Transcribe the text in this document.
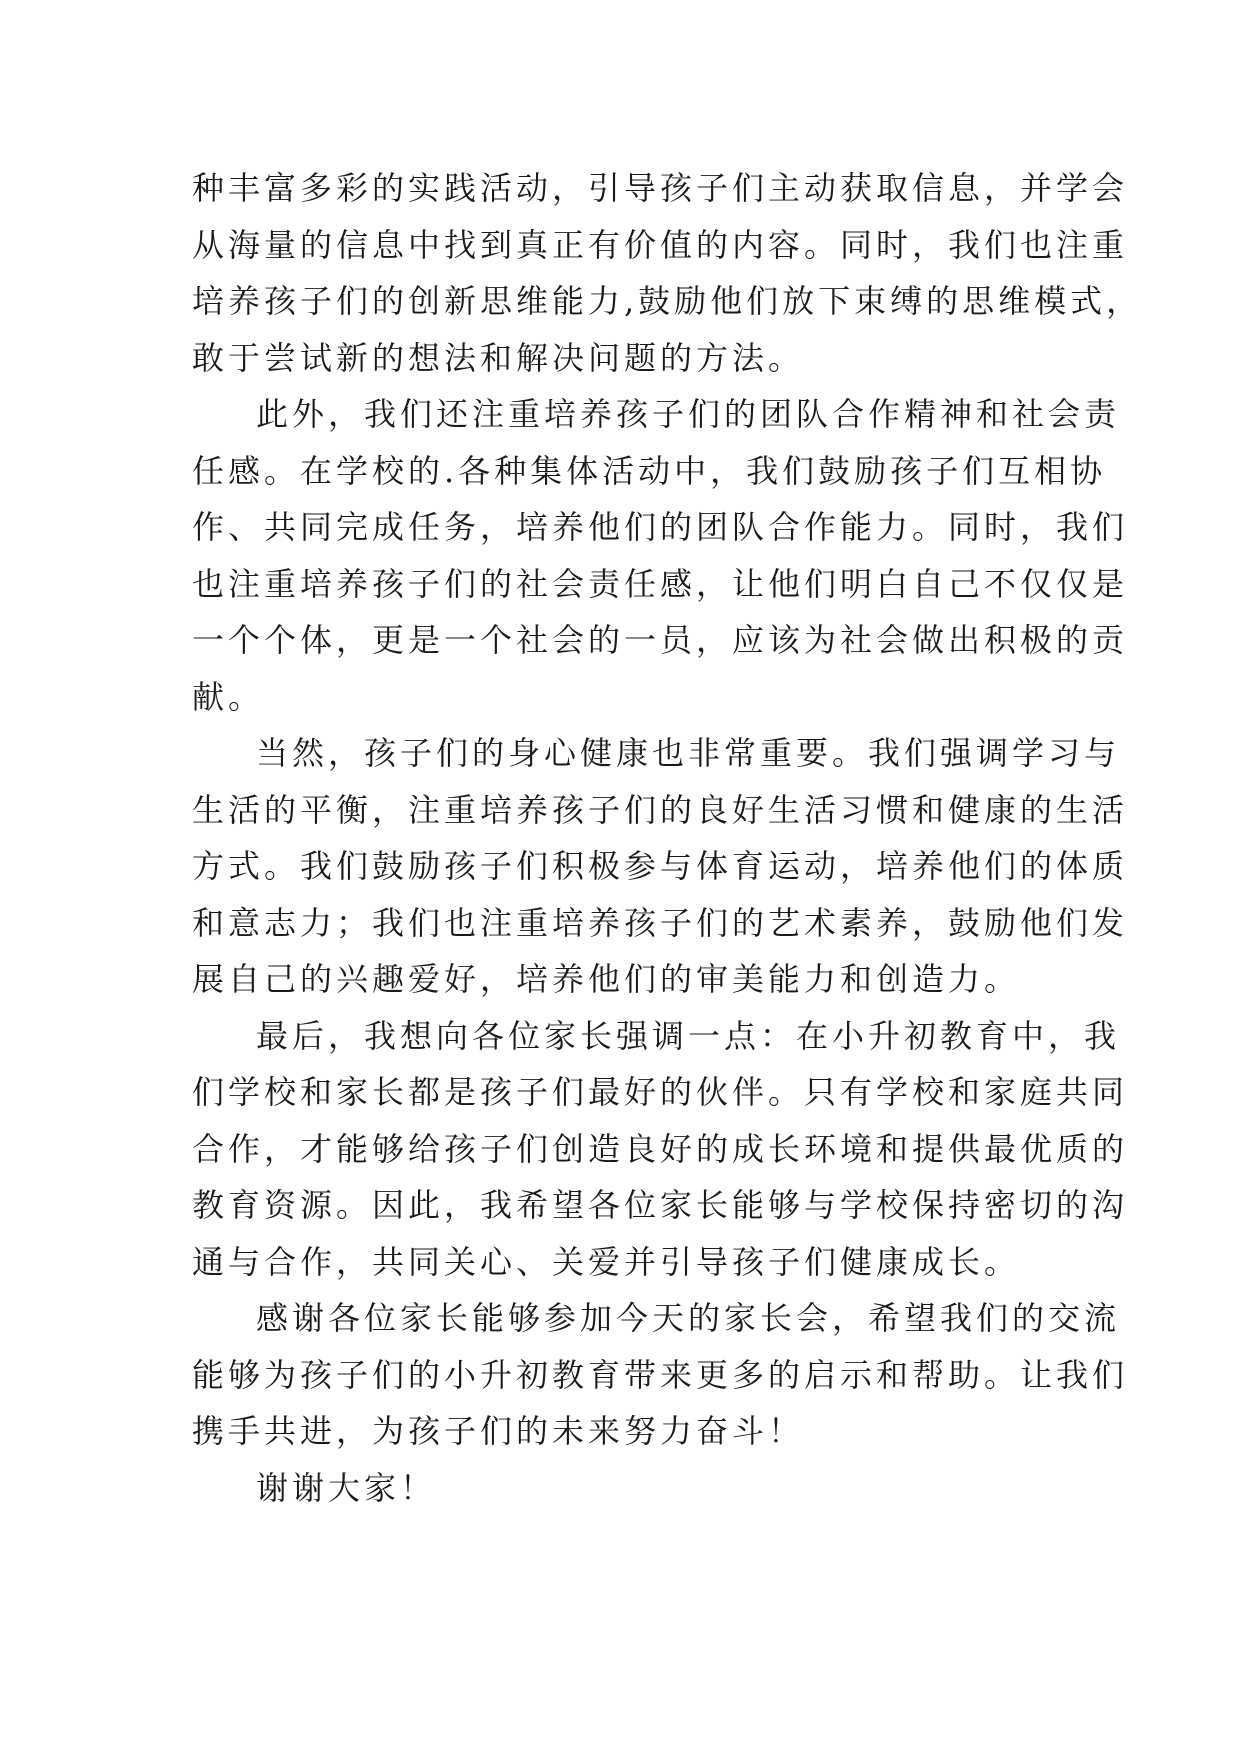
种丰富多彩的实践活动，引导孩子们主动获取信息，并学会
从海量的信息中找到真正有价值的内容。同时，我们也注重
培养孩子们的创新思维能力,鼓励他们放下束缚的思维模式，
敢于尝试新的想法和解决问题的方法。
此外，我们还注重培养孩子们的团队合作精神和社会责
任感。在学校的.各种集体活动中，我们鼓励孩子们互相协
作、共同完成任务，培养他们的团队合作能力。同时，我们
也注重培养孩子们的社会责任感，让他们明白自己不仅仅是
一个个体，更是一个社会的一员，应该为社会做出积极的贡
献。
当然，孩子们的身心健康也非常重要。我们强调学习与
生活的平衡，注重培养孩子们的良好生活习惯和健康的生活
方式。我们鼓励孩子们积极参与体育运动，培养他们的体质
和意志力；我们也注重培养孩子们的艺术素养，鼓励他们发
展自己的兴趣爱好，培养他们的审美能力和创造力。
最后，我想向各位家长强调一点：在小升初教育中，我
们学校和家长都是孩子们最好的伙伴。只有学校和家庭共同
合作，才能够给孩子们创造良好的成长环境和提供最优质的
教育资源。因此，我希望各位家长能够与学校保持密切的沟
通与合作，共同关心、关爱并引导孩子们健康成长。
感谢各位家长能够参加今天的家长会，希望我们的交流
能够为孩子们的小升初教育带来更多的启示和帮助。让我们
携手共进，为孩子们的未来努力奋斗！
谢谢大家！
